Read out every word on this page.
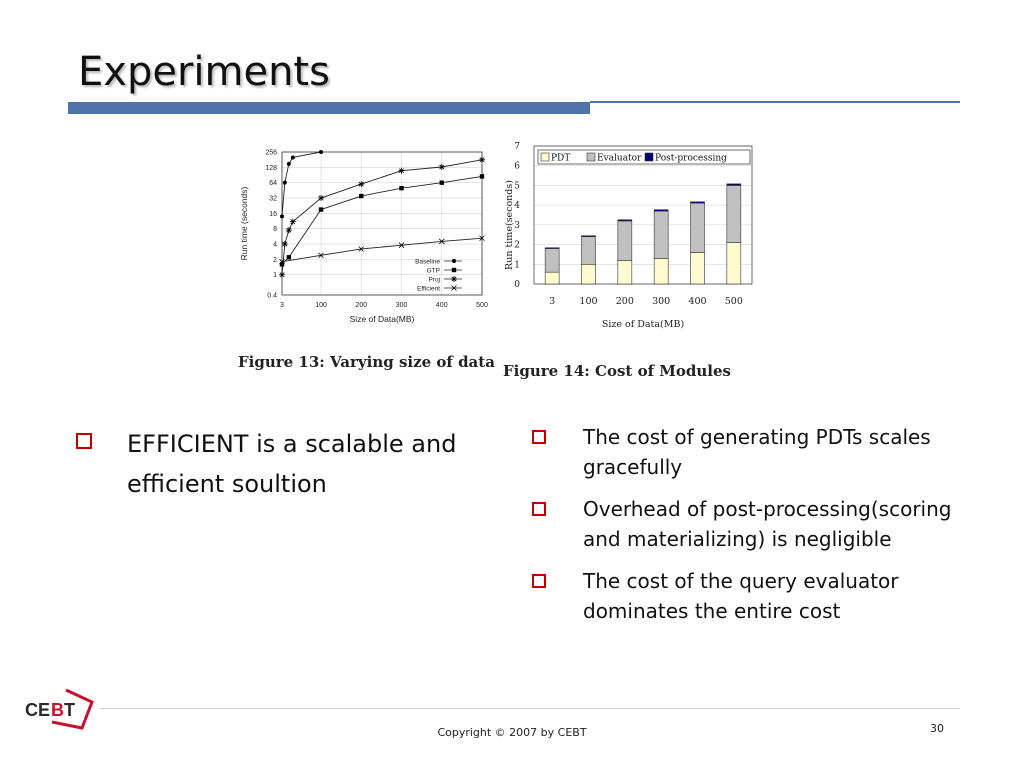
Experiments
256
128
64
32
16
8
4
2
1
0.4
3	100	200	300	400	500
Size of Data(MB)
Run time (seconds)
Baseline
GTP
Proj
Efficient

Figure 13: Varying size of data

0
1
2
3
4
5
6
7
3	100 200 300 400 500
Size of Data(MB)
Run time(seconds)
PDT	Evaluator Post-processing

Figure 14: Cost of Modules

EFFICIENT is a scalable and efficient soultion
The cost of generating PDTs scales gracefully
Overhead of post-processing(scoring and materializing) is negligible
The cost of the query evaluator dominates the entire cost
CE B T
Copyright © 2007 by CEBT	30
